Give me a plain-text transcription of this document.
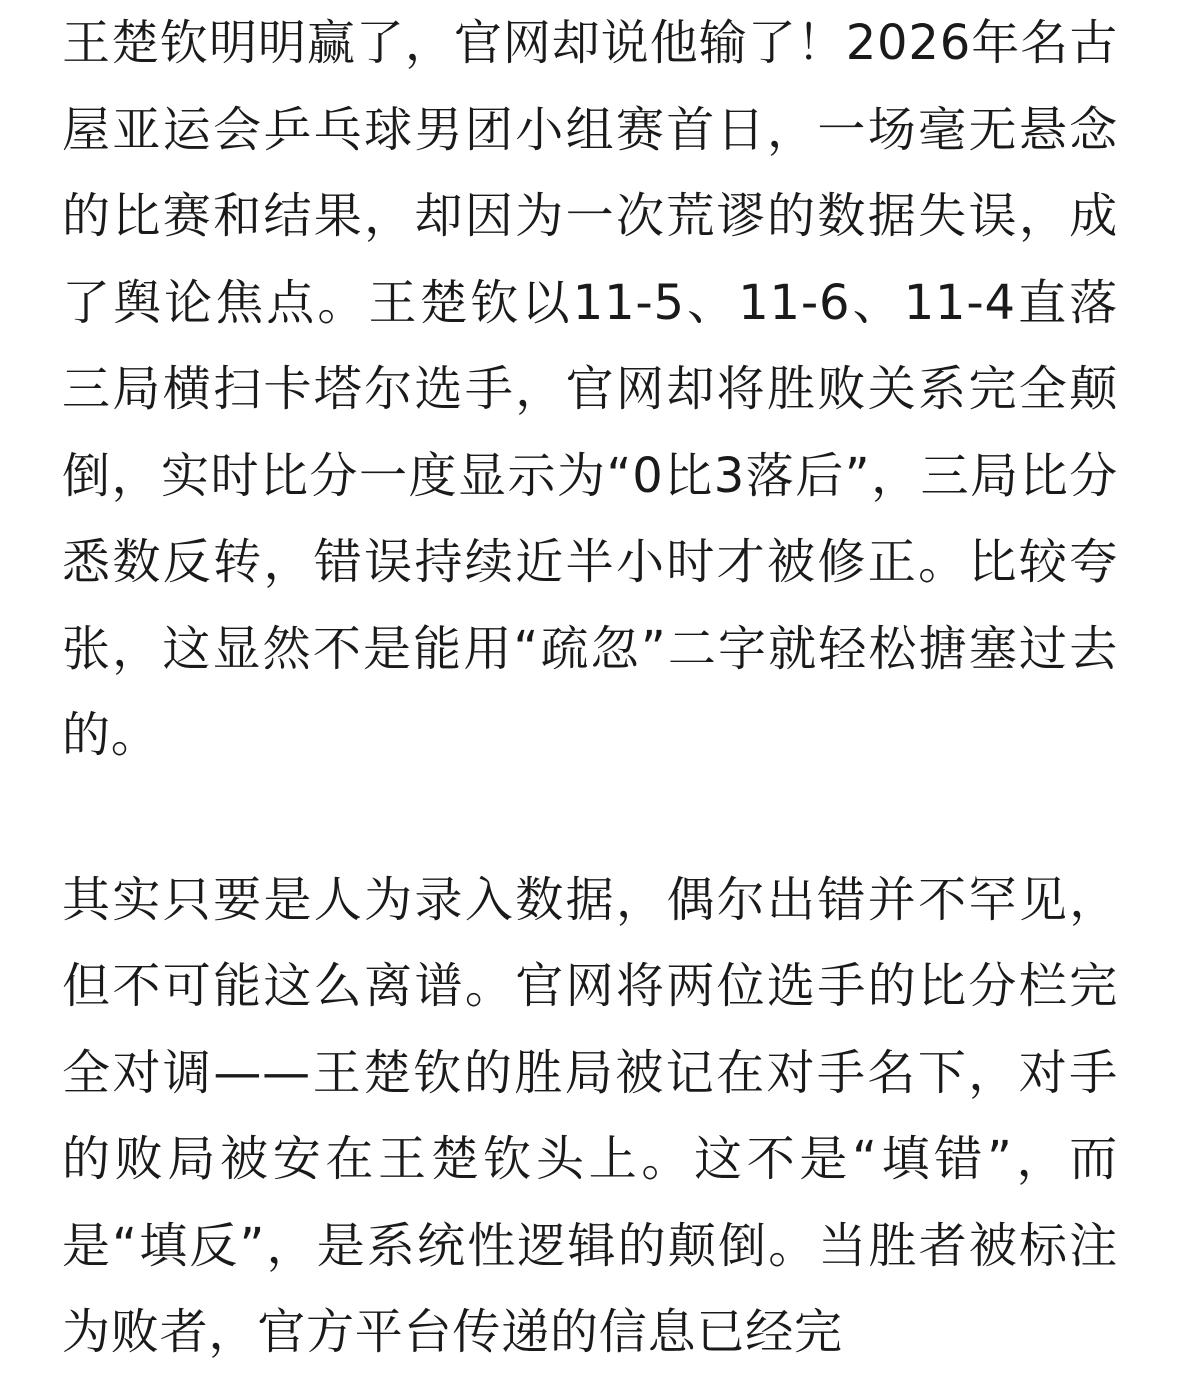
王楚钦明明赢了，官网却说他输了！2026年名古屋亚运会乒乓球男团小组赛首日，一场毫无悬念的比赛和结果，却因为一次荒谬的数据失误，成了舆论焦点。王楚钦以11-5、11-6、11-4直落三局横扫卡塔尔选手，官网却将胜败关系完全颠倒，实时比分一度显示为“0比3落后”，三局比分悉数反转，错误持续近半小时才被修正。比较夸张，这显然不是能用“疏忽”二字就轻松搪塞过去的。

其实只要是人为录入数据，偶尔出错并不罕见，但不可能这么离谱。官网将两位选手的比分栏完全对调——王楚钦的胜局被记在对手名下，对手的败局被安在王楚钦头上。这不是“填错”，而是“填反”，是系统性逻辑的颠倒。当胜者被标注为败者，官方平台传递的信息已经完
